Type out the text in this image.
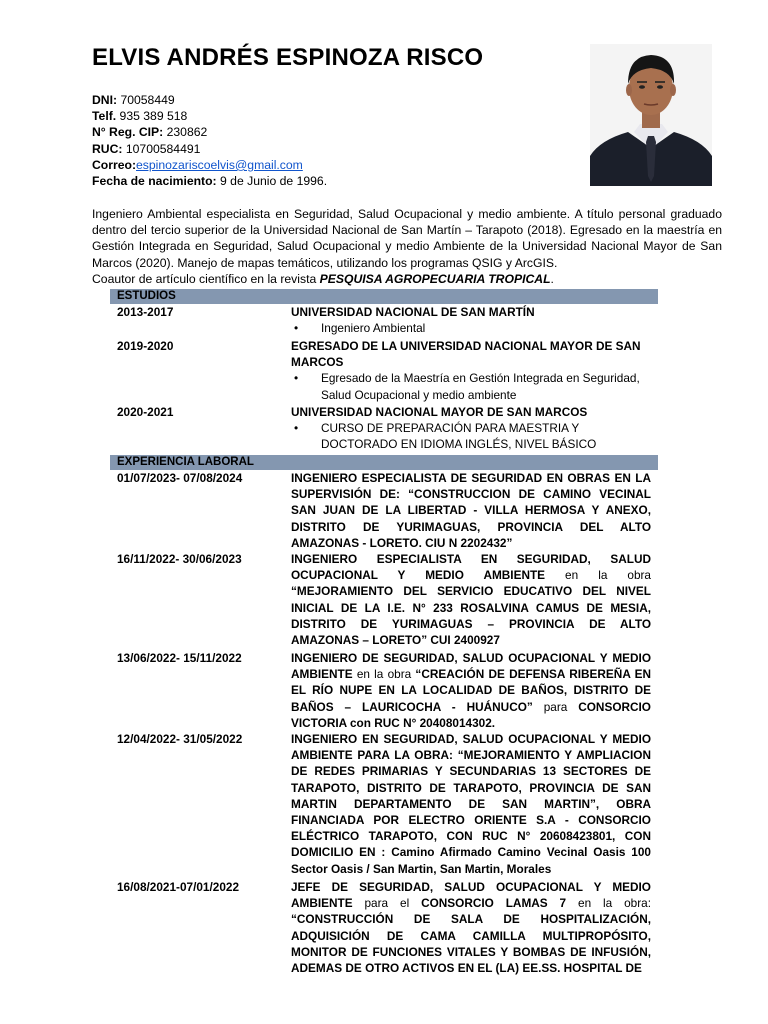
ELVIS ANDRÉS ESPINOZA RISCO
DNI: 70058449
Telf. 935 389 518
N° Reg. CIP: 230862
RUC: 10700584491
Correo:espinozariscoelvis@gmail.com
Fecha de nacimiento: 9 de Junio de 1996.
Ingeniero Ambiental especialista en Seguridad, Salud Ocupacional y medio ambiente. A título personal graduado dentro del tercio superior de la Universidad Nacional de San Martín – Tarapoto (2018). Egresado en la maestría en Gestión Integrada en Seguridad, Salud Ocupacional y medio Ambiente de la Universidad Nacional Mayor de San Marcos (2020). Manejo de mapas temáticos, utilizando los programas QSIG y ArcGIS.
Coautor de artículo científico en la revista PESQUISA AGROPECUARIA TROPICAL.
ESTUDIOS
2013-2017	UNIVERSIDAD NACIONAL DE SAN MARTÍN
• Ingeniero Ambiental
2019-2020	EGRESADO DE LA UNIVERSIDAD NACIONAL MAYOR DE SAN MARCOS
• Egresado de la Maestría en Gestión Integrada en Seguridad, Salud Ocupacional y medio ambiente
2020-2021	UNIVERSIDAD NACIONAL MAYOR DE SAN MARCOS
• CURSO DE PREPARACIÓN PARA MAESTRIA Y DOCTORADO EN IDIOMA INGLÉS, NIVEL BÁSICO
EXPERIENCIA LABORAL
01/07/2023- 07/08/2024	INGENIERO ESPECIALISTA DE SEGURIDAD EN OBRAS EN LA SUPERVISIÓN DE: “CONSTRUCCION DE CAMINO VECINAL SAN JUAN DE LA LIBERTAD - VILLA HERMOSA Y ANEXO, DISTRITO DE YURIMAGUAS, PROVINCIA DEL ALTO AMAZONAS - LORETO. CIU N 2202432”
16/11/2022- 30/06/2023	INGENIERO ESPECIALISTA EN SEGURIDAD, SALUD OCUPACIONAL Y MEDIO AMBIENTE en la obra “MEJORAMIENTO DEL SERVICIO EDUCATIVO DEL NIVEL INICIAL DE LA I.E. N° 233 ROSALVINA CAMUS DE MESIA, DISTRITO DE YURIMAGUAS – PROVINCIA DE ALTO AMAZONAS – LORETO” CUI 2400927
13/06/2022- 15/11/2022	INGENIERO DE SEGURIDAD, SALUD OCUPACIONAL Y MEDIO AMBIENTE en la obra “CREACIÓN DE DEFENSA RIBEREÑA EN EL RÍO NUPE EN LA LOCALIDAD DE BAÑOS, DISTRITO DE BAÑOS – LAURICOCHA - HUÁNUCO” para CONSORCIO VICTORIA con RUC N° 20408014302.
12/04/2022- 31/05/2022	INGENIERO EN SEGURIDAD, SALUD OCUPACIONAL Y MEDIO AMBIENTE PARA LA OBRA: “MEJORAMIENTO Y AMPLIACION DE REDES PRIMARIAS Y SECUNDARIAS 13 SECTORES DE TARAPOTO, DISTRITO DE TARAPOTO, PROVINCIA DE SAN MARTIN DEPARTAMENTO DE SAN MARTIN”, OBRA FINANCIADA POR ELECTRO ORIENTE S.A - CONSORCIO ELÉCTRICO TARAPOTO, CON RUC N° 20608423801, CON DOMICILIO EN : Camino Afirmado Camino Vecinal Oasis 100 Sector Oasis / San Martin, San Martin, Morales
16/08/2021-07/01/2022	JEFE DE SEGURIDAD, SALUD OCUPACIONAL Y MEDIO AMBIENTE para el CONSORCIO LAMAS 7 en la obra: “CONSTRUCCIÓN DE SALA DE HOSPITALIZACIÓN, ADQUISICIÓN DE CAMA CAMILLA MULTIPROPÓSITO, MONITOR DE FUNCIONES VITALES Y BOMBAS DE INFUSIÓN, ADEMAS DE OTRO ACTIVOS EN EL (LA) EE.SS. HOSPITAL DE
